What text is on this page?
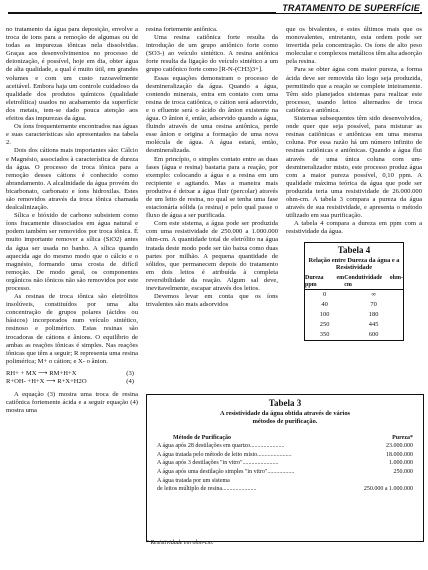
TRATAMENTO DE SUPERFÍCIE

no tratamento da água para deposição, envolve a troca de ions para a remoção de algumas ou de todas as impurezas iônicas nela dissolvidas. Graças aos desenvolvimentos no processo de deionização, é possível, hoje em dia, obter água de alta qualidade, a qual é muito útil, em grandes volumes e com um custo razoavelmente aceitável. Embora haja um controle cuidadoso da qualidade dos produtos químicos (qualidade eletrolítica) usados no acabamento da superfície dos metais, tem-se dado pouca atenção aos efeitos das impurezas da água.

Os íons frequentemente encontrados nas águas e suas características são apresentados na tabela 2.

Dois dos cátions mais importantes são: Cálcio e Magnésio, associados à característica de dureza da água. O processo de troca iônica para a remoção desses cátions é conhecido como abrandamento. A alcalinidade da água provém do bicarbonato, carbonato e íons hidroxilas. Estes são removidos através da troca iônica chamada dealcalinização.

Sílica e bióxido de carbono subsistem como íons fracamente dissociados em água natural e podem também ser removidos por troca iônica. É muito importante remover a sílica (SiO2) antes da água ser usada no banho. A sílica quando aquecida age do mesmo modo que o cálcio e o magnésio, formando uma crosta de difícil remoção. De modo geral, os componentes orgânicos não iônicos não são removidos por este processo.

As resinas de troca iônica são eletrólitos insolúveis, constituídos por uma alta concentração de grupos polares (ácidos ou básicos) incorporados num veículo sintético, resinoso e polimérico. Estas resinas são trocadoras de cátions e ânions. O equilíbrio de ambas as reações iônicas é simples. Nas reações iônicas que têm a seguir; R representa uma resina polimérica; M+ o cátion; e X- o ânion.

RH+ + MX ⟶ RM+H+X	(3)
R+OH- +H+X ⟶ R+X+H2O	(4)

A equação (3) mostra uma troca de resina catiônica fortemente ácida e a seguir equação (4) mostra uma

resina fortemente aniônica.

Uma resina catiônica forte resulta da introdução de um grupo aniônico forte como (SO3-) ao veículo sintético. A resina aniônica forte resulta da ligação do veículo sintético a um grupo catiônico forte como [R-N-(CH3)3+].

Essas equações demonstram o processo de desmineralização da água. Quando a água, contendo minerais, entra em contato com uma resina de troca catiônica, o cátion será adsorvido, e o efluente será o ácido do ânion existente na água. O ânion é, então, adsorvido quando a água, fluindo através de uma resina aniônica, perde esse ânion e origina a formação de uma nova molécula de água. A água estará, então, desmineralizada.

Em princípio, o simples contato entre as duas fases (água e resina) bastaria para a reação, por exemplo: colocando a água e a resina em um recipiente e agitando. Mas a maneira mais produtiva é deixar a água fluir (percolar) através de um leito de resina, no qual se tenha uma fase estacionária sólida (a resina) e pelo qual passe o fluxo de água a ser purificada.

Com este sistema, a água pode ser produzida com uma resistividade de 250.000 a 1.000.000 ohm-cm. A quantidade total de eletrólito na água tratada deste modo pode ser tão baixa como duas partes por milhão. A pequena quantidade de sólidos, que permanecem depois do tratamento em dois leitos é atribuída à completa reversibilidade da reação. Algum sal deve, inevitavelmente, escapar através dos leitos.

Devemos levar em conta que os íons trivalentes são mais adsorvidos

que os bivalentes, e estes últimos mais que os monovalentes, entretanto, esta ordem pode ser invertida pela concentração. Os íons de alto peso molecular e complexos metálicos têm alta adsorção pela resina.

Para se obter água com maior pureza, a forma ácida deve ser removida tão logo seja produzida, permitindo que a reação se complete inteiramente. Têm sido planejados sistemas para realizar este processo, usando leitos alternados de troca catiônica e aniônica.

Sistemas subsequentes têm sido desenvolvidos, onde quer que seja possível, para misturar as resinas catiônicas e aniônicas em uma mesma coluna. Por essa razão há um número infinito de resinas catiônicas e aniônicas. Quando a água flui através de uma única coluna com um- desmineralizador misto, este processo produz água com a maior pureza possível, 0,10 ppm. A qualidade máxima teórica da água que pode ser produzida teria uma resistividade de 26.000.000 ohm-cm. A tabela 3 compara a pureza da água através de sua resistividade, e apresenta o método utilizado em sua purificação.

A tabela 4 compara a dureza em ppm com a resistividade da água.

Tabela 4
Relação entre Dureza da água e a Resistividade
Dureza em ppm	Condutividade ohm-cm
0	∞
40	70
100	180
250	445
350	600
Tabela 3
A resistividade da água obtida através de vários métodos de purificação.
Método de Purificação	Pureza*
A água após 28 destilações em quartzo.......................	23.000.000
A água tratada pelo método de leito misto.......................	18.000.000
A água após 3 destilações "in vitro"........................	1.000.000
A água após uma destilação simples "in vitro"..................	250.000
A água tratada por um sistema
de leitos múltiplo de resina.......................	250.000 a 1.000.000
* Resistividade em ohm-cm.
